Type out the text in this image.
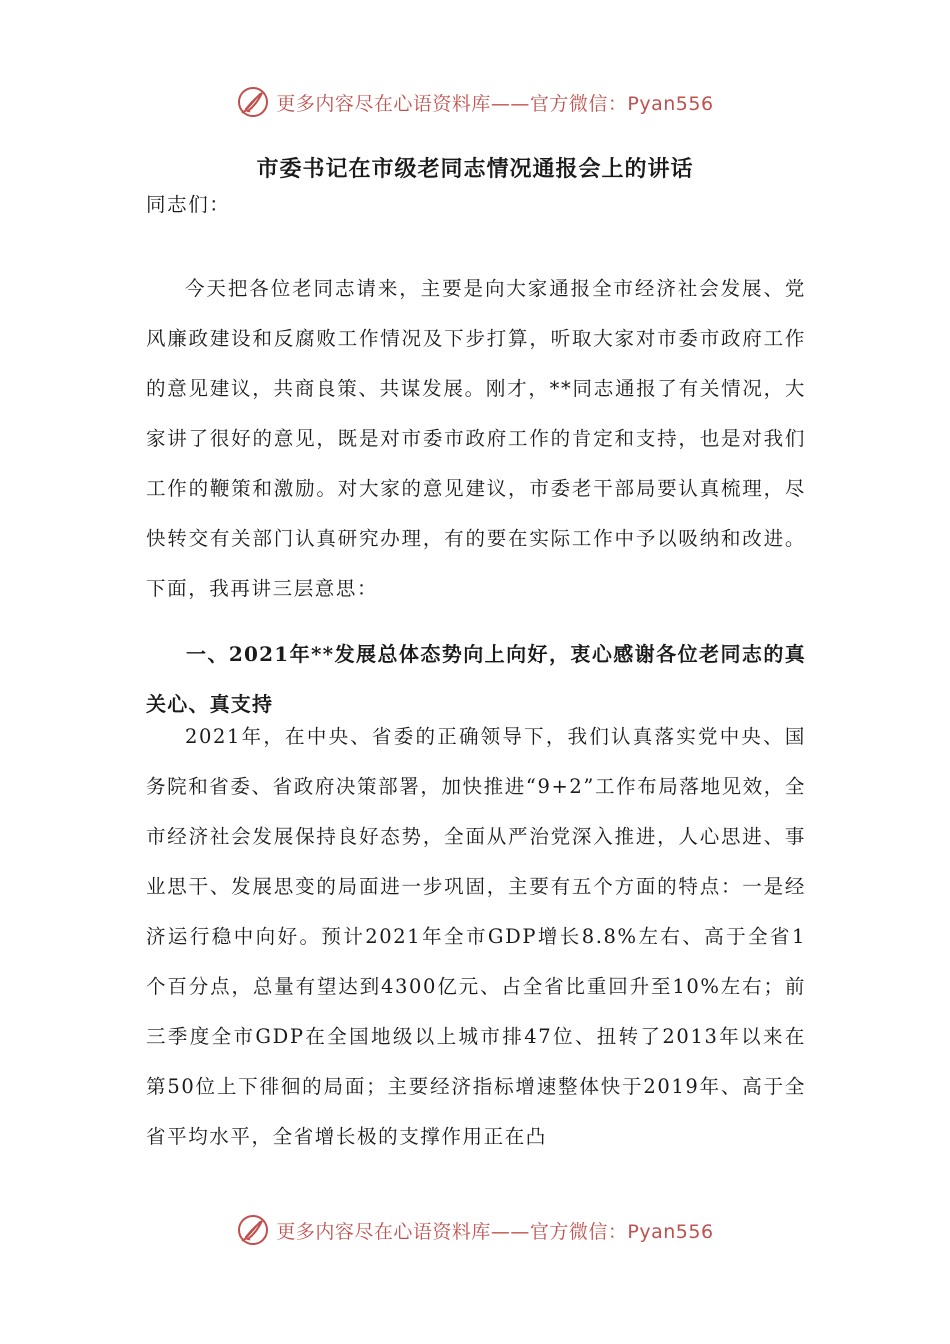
更多内容尽在心语资料库——官方微信：Pyan556
市委书记在市级老同志情况通报会上的讲话

同志们：

今天把各位老同志请来，主要是向大家通报全市经济社会发展、党风廉政建设和反腐败工作情况及下步打算，听取大家对市委市政府工作的意见建议，共商良策、共谋发展。刚才，**同志通报了有关情况，大家讲了很好的意见，既是对市委市政府工作的肯定和支持，也是对我们工作的鞭策和激励。对大家的意见建议，市委老干部局要认真梳理，尽快转交有关部门认真研究办理，有的要在实际工作中予以吸纳和改进。下面，我再讲三层意思：

一、2021年**发展总体态势向上向好，衷心感谢各位老同志的真关心、真支持

2021年，在中央、省委的正确领导下，我们认真落实党中央、国务院和省委、省政府决策部署，加快推进“9+2”工作布局落地见效，全市经济社会发展保持良好态势，全面从严治党深入推进，人心思进、事业思干、发展思变的局面进一步巩固，主要有五个方面的特点：一是经济运行稳中向好。预计2021年全市GDP增长8.8%左右、高于全省1个百分点，总量有望达到4300亿元、占全省比重回升至10%左右；前三季度全市GDP在全国地级以上城市排47位、扭转了2013年以来在第50位上下徘徊的局面；主要经济指标增速整体快于2019年、高于全省平均水平，全省增长极的支撑作用正在凸

更多内容尽在心语资料库——官方微信：Pyan556
